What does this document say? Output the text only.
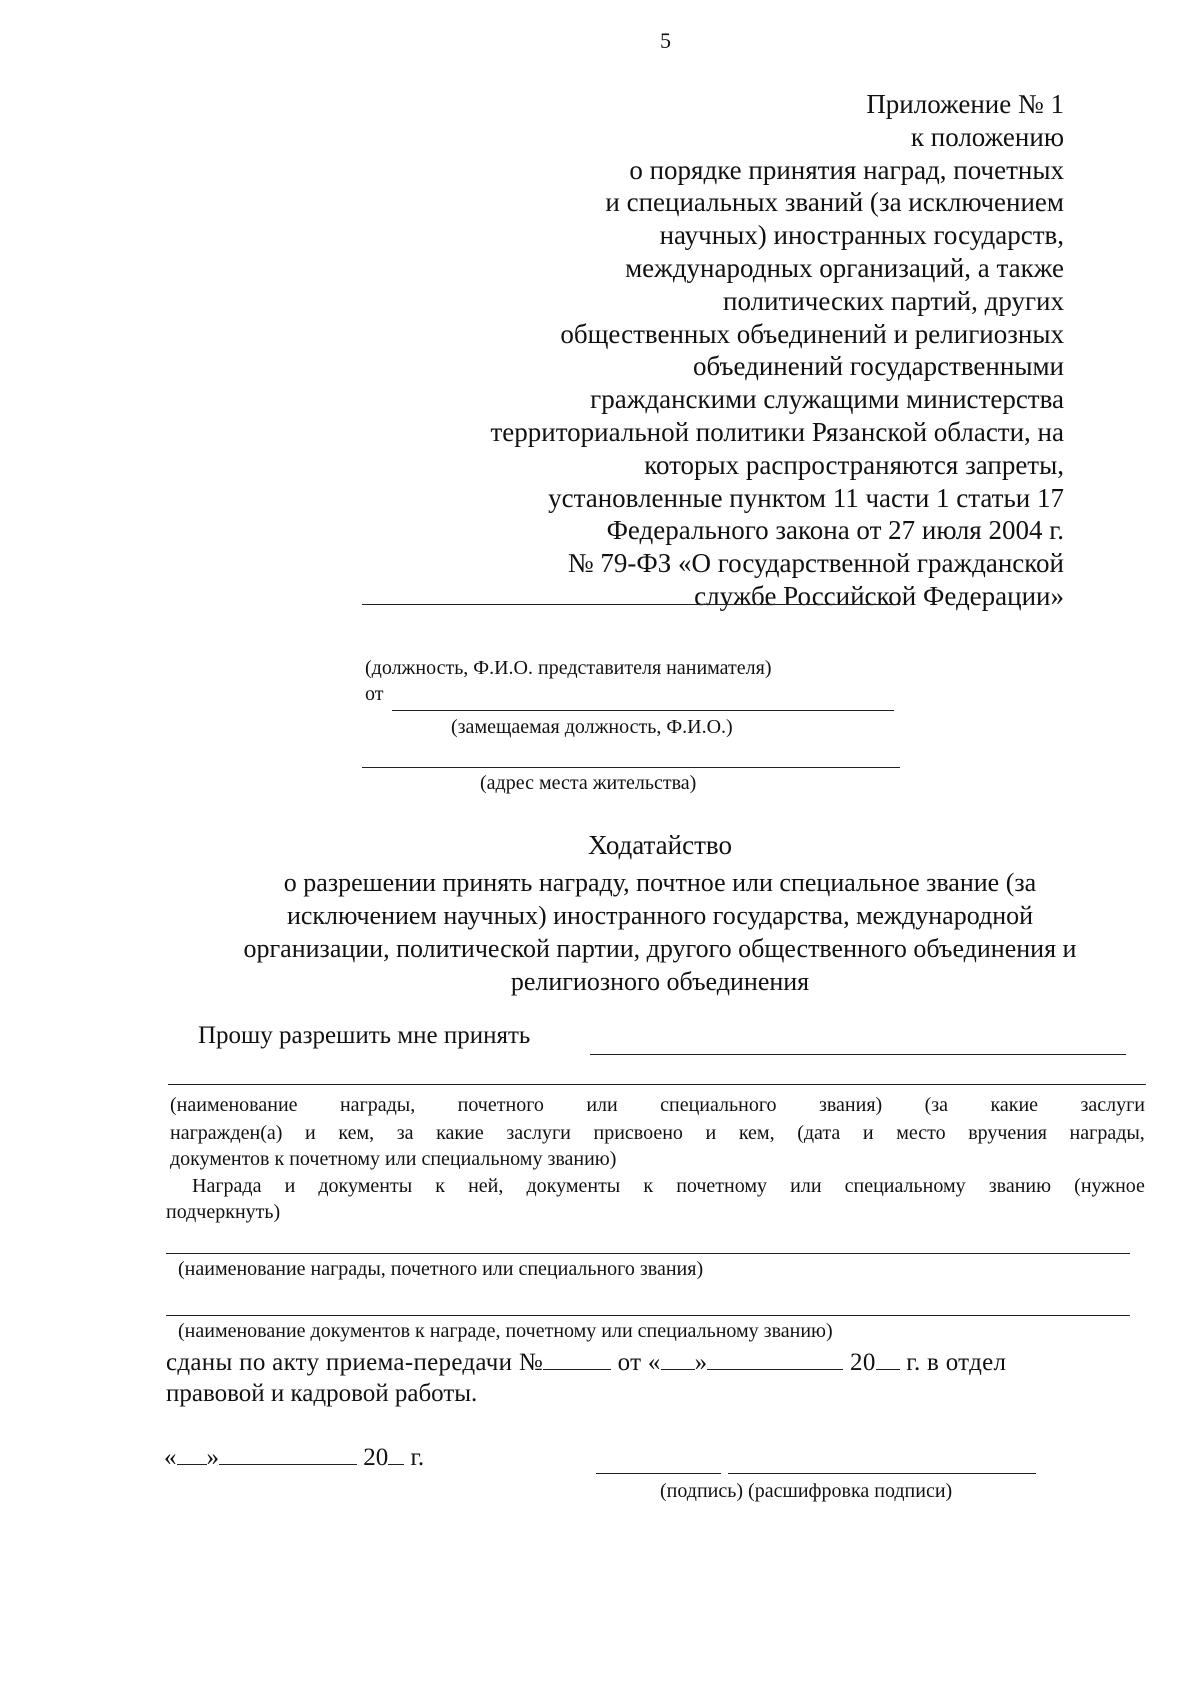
5
Приложение № 1
к положению
о порядке принятия наград, почетных
и специальных званий (за исключением
научных) иностранных государств,
международных организаций, а также
политических партий, других
общественных объединений и религиозных
объединений государственными
гражданскими служащими министерства
территориальной политики Рязанской области, на
которых распространяются запреты,
установленные пунктом 11 части 1 статьи 17
Федерального закона от 27 июля 2004 г.
№ 79-ФЗ «О государственной гражданской
службе Российской Федерации»
(должность, Ф.И.О. представителя нанимателя)
от
(замещаемая должность, Ф.И.О.)
(адрес места жительства)
Ходатайство
о разрешении принять награду, почтное или специальное звание (за
исключением научных) иностранного государства, международной
организации, политической партии, другого общественного объединения и
религиозного объединения
Прошу разрешить мне принять
(наименование награды, почетного или специального звания) (за какие заслуги
награжден(а) и кем, за какие заслуги присвоено и кем, (дата и место вручения награды,
документов к почетному или специальному званию)
Награда и документы к ней, документы к почетному или специальному званию (нужное
подчеркнуть)
(наименование награды, почетного или специального звания)
(наименование документов к награде, почетному или специальному званию)
сданы по акту приема-передачи №	от « »	20 г. в отдел
правовой и кадровой работы.
« »	20 г.
(подпись) (расшифровка подписи)
